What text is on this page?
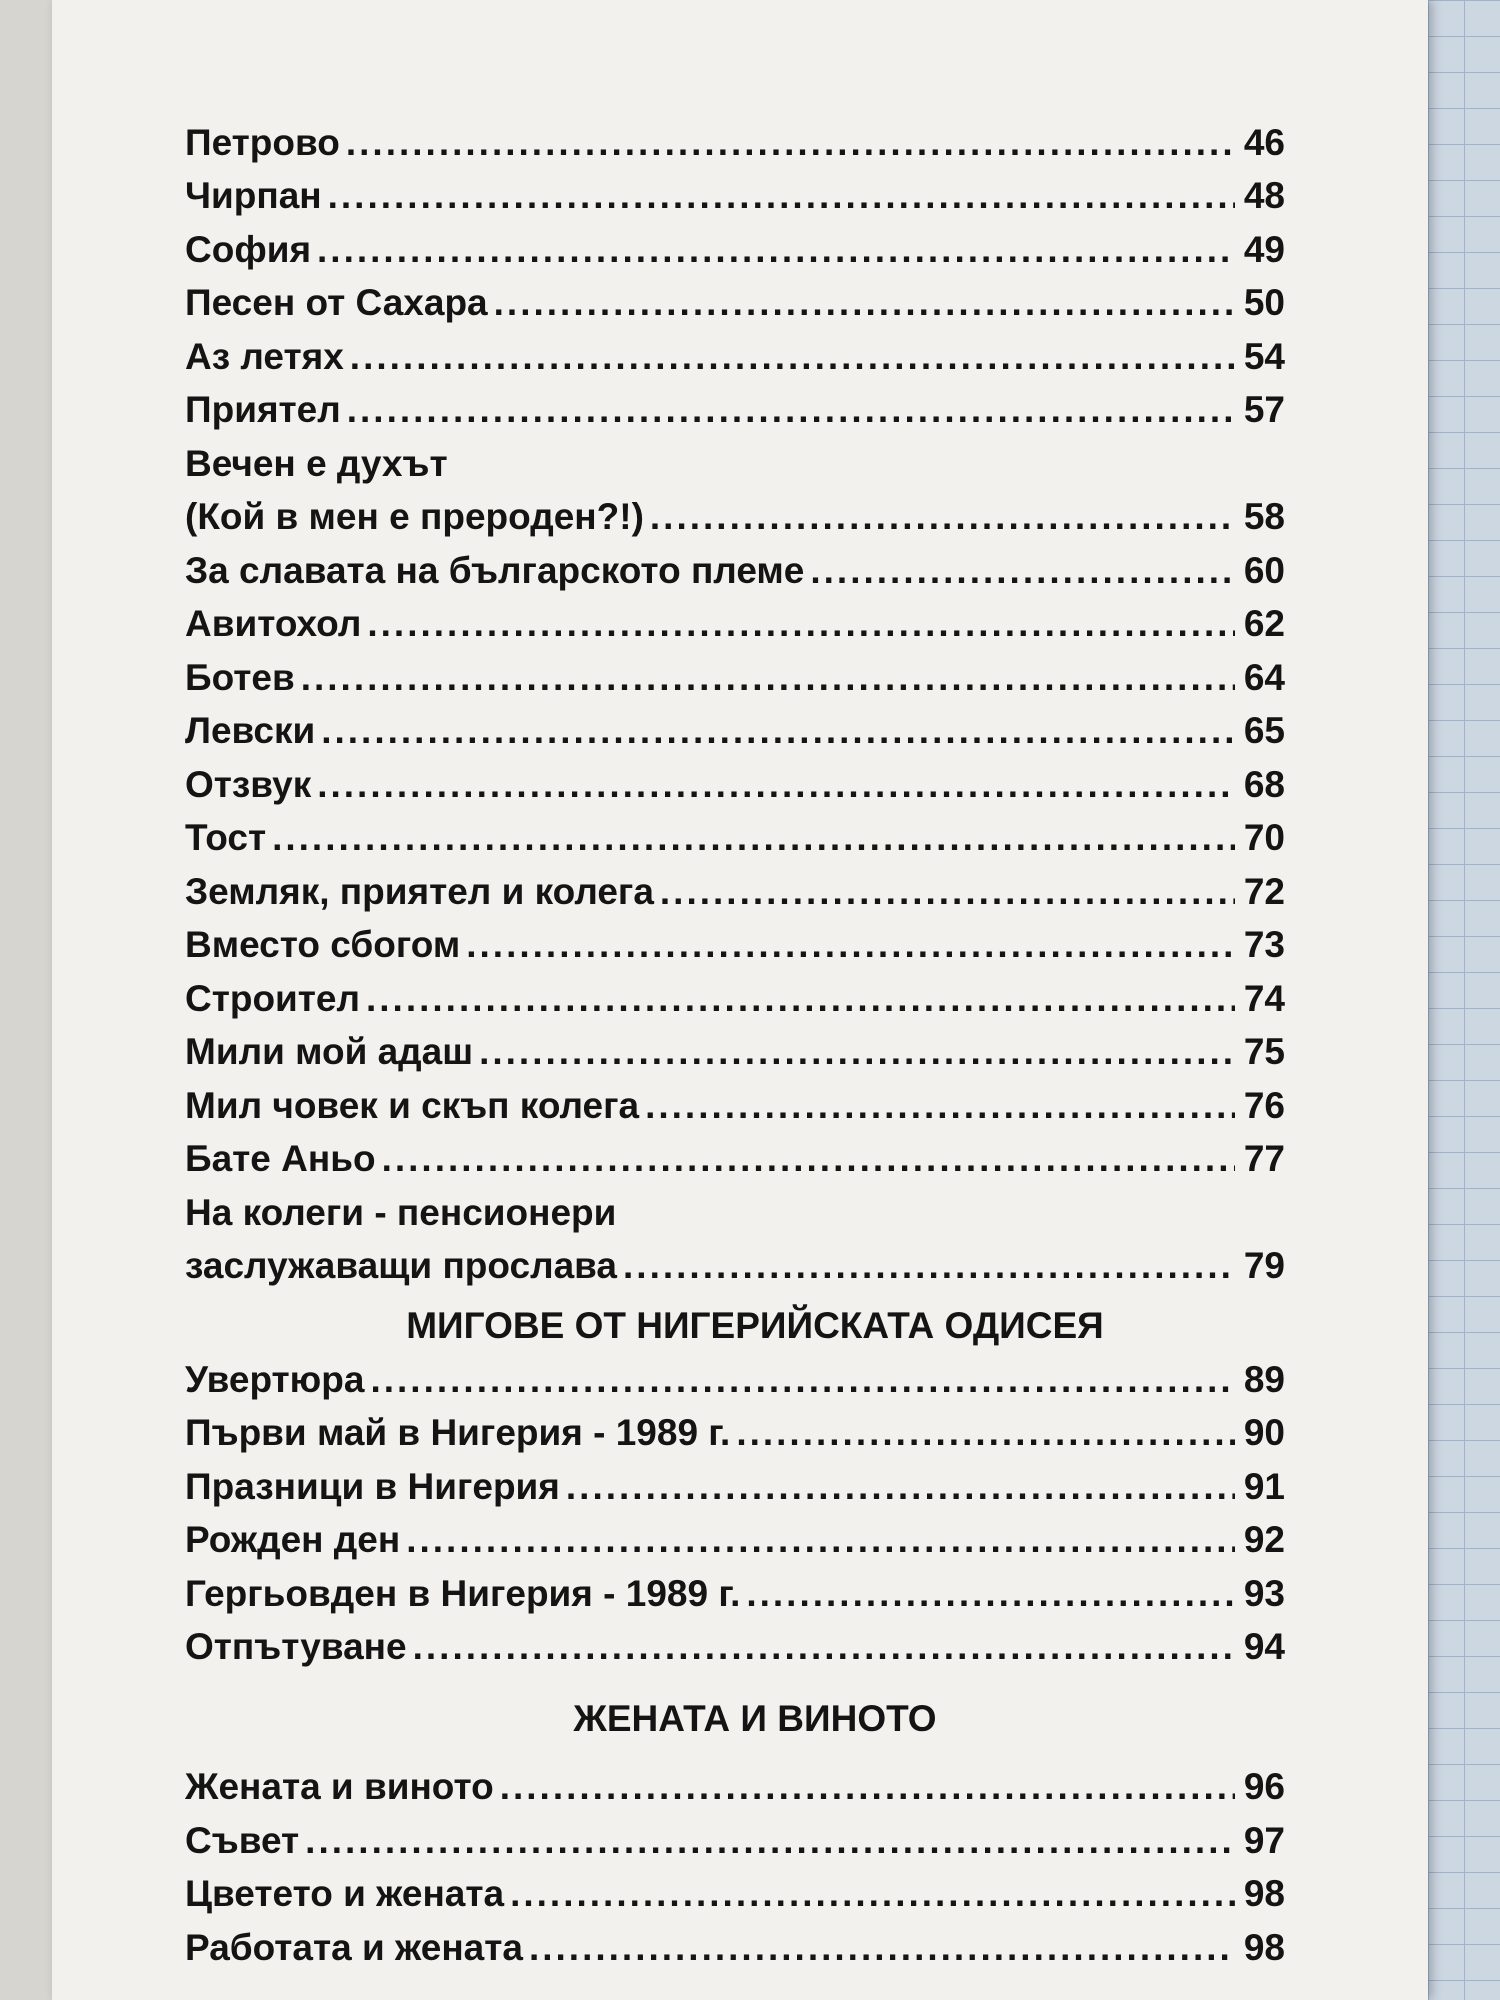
Петрово .....	46
Чирпан .....	48
София .....	49
Песен от Сахара .....	50
Аз летях .....	54
Приятел .....	57
Вечен е духът
(Кой в мен е прероден?!) .....	58
За славата на българското племе .....	60
Авитохол .....	62
Ботев .....	64
Левски .....	65
Отзвук .....	68
Тост .....	70
Земляк, приятел и колега .....	72
Вместо сбогом .....	73
Строител .....	74
Мили мой адаш .....	75
Мил човек и скъп колега .....	76
Бате Аньо .....	77
На колеги - пенсионери
заслужаващи прослава .....	79
МИГОВЕ ОТ НИГЕРИЙСКАТА ОДИСЕЯ
Увертюра .....	89
Първи май в Нигерия - 1989 г. .....	90
Празници в Нигерия .....	91
Рожден ден .....	92
Гергьовден в Нигерия - 1989 г. .....	93
Отпътуване .....	94
ЖЕНАТА И ВИНОТО
Жената и виното .....	96
Съвет .....	97
Цветето и жената .....	98
Работата и жената .....	98
